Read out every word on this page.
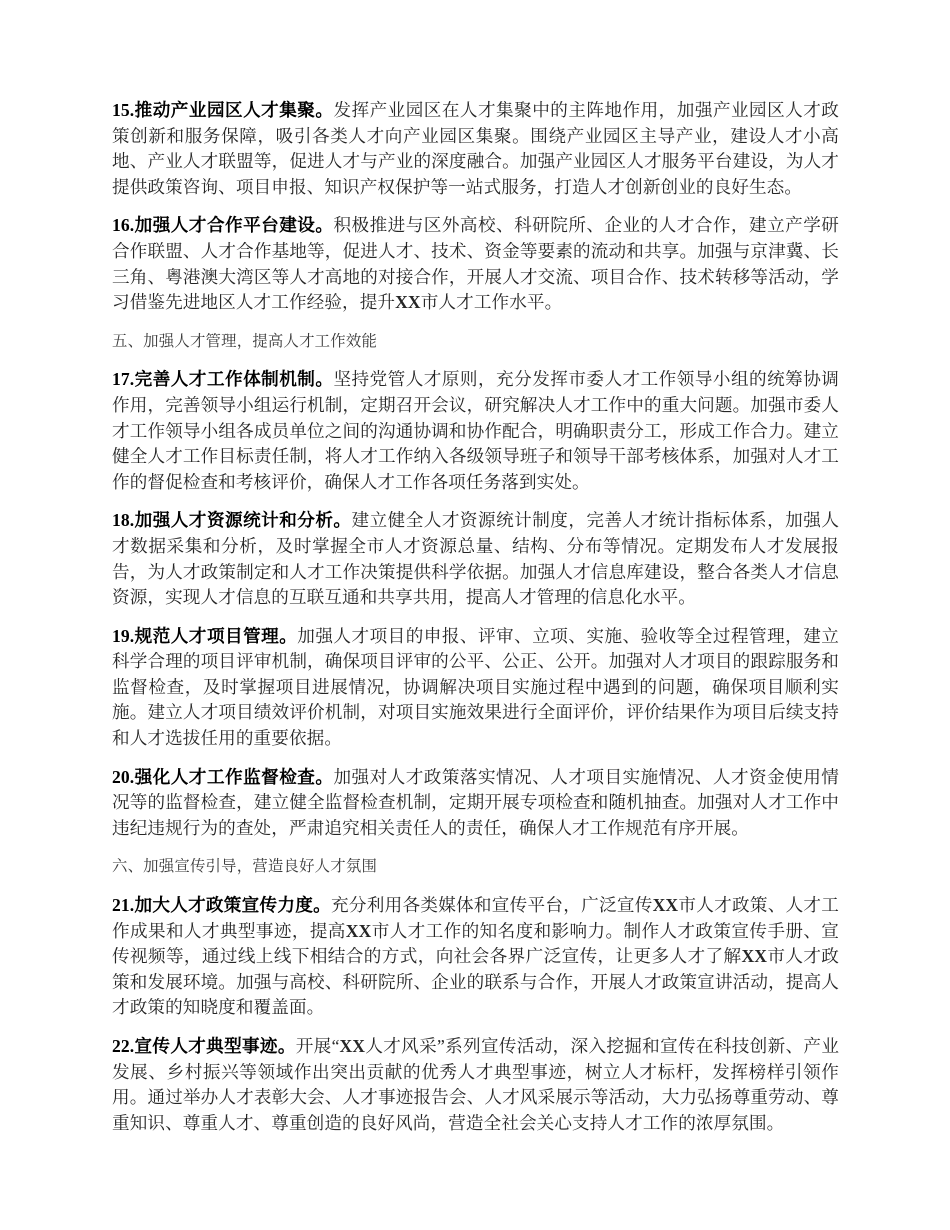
15.推动产业园区人才集聚。发挥产业园区在人才集聚中的主阵地作用，加强产业园区人才政策创新和服务保障，吸引各类人才向产业园区集聚。围绕产业园区主导产业，建设人才小高地、产业人才联盟等，促进人才与产业的深度融合。加强产业园区人才服务平台建设，为人才提供政策咨询、项目申报、知识产权保护等一站式服务，打造人才创新创业的良好生态。

16.加强人才合作平台建设。积极推进与区外高校、科研院所、企业的人才合作，建立产学研合作联盟、人才合作基地等，促进人才、技术、资金等要素的流动和共享。加强与京津冀、长三角、粤港澳大湾区等人才高地的对接合作，开展人才交流、项目合作、技术转移等活动，学习借鉴先进地区人才工作经验，提升XX市人才工作水平。

五、加强人才管理，提高人才工作效能

17.完善人才工作体制机制。坚持党管人才原则，充分发挥市委人才工作领导小组的统筹协调作用，完善领导小组运行机制，定期召开会议，研究解决人才工作中的重大问题。加强市委人才工作领导小组各成员单位之间的沟通协调和协作配合，明确职责分工，形成工作合力。建立健全人才工作目标责任制，将人才工作纳入各级领导班子和领导干部考核体系，加强对人才工作的督促检查和考核评价，确保人才工作各项任务落到实处。

18.加强人才资源统计和分析。建立健全人才资源统计制度，完善人才统计指标体系，加强人才数据采集和分析，及时掌握全市人才资源总量、结构、分布等情况。定期发布人才发展报告，为人才政策制定和人才工作决策提供科学依据。加强人才信息库建设，整合各类人才信息资源，实现人才信息的互联互通和共享共用，提高人才管理的信息化水平。

19.规范人才项目管理。加强人才项目的申报、评审、立项、实施、验收等全过程管理，建立科学合理的项目评审机制，确保项目评审的公平、公正、公开。加强对人才项目的跟踪服务和监督检查，及时掌握项目进展情况，协调解决项目实施过程中遇到的问题，确保项目顺利实施。建立人才项目绩效评价机制，对项目实施效果进行全面评价，评价结果作为项目后续支持和人才选拔任用的重要依据。

20.强化人才工作监督检查。加强对人才政策落实情况、人才项目实施情况、人才资金使用情况等的监督检查，建立健全监督检查机制，定期开展专项检查和随机抽查。加强对人才工作中违纪违规行为的查处，严肃追究相关责任人的责任，确保人才工作规范有序开展。

六、加强宣传引导，营造良好人才氛围

21.加大人才政策宣传力度。充分利用各类媒体和宣传平台，广泛宣传XX市人才政策、人才工作成果和人才典型事迹，提高XX市人才工作的知名度和影响力。制作人才政策宣传手册、宣传视频等，通过线上线下相结合的方式，向社会各界广泛宣传，让更多人才了解XX市人才政策和发展环境。加强与高校、科研院所、企业的联系与合作，开展人才政策宣讲活动，提高人才政策的知晓度和覆盖面。

22.宣传人才典型事迹。开展“XX人才风采”系列宣传活动，深入挖掘和宣传在科技创新、产业发展、乡村振兴等领域作出突出贡献的优秀人才典型事迹，树立人才标杆，发挥榜样引领作用。通过举办人才表彰大会、人才事迹报告会、人才风采展示等活动，大力弘扬尊重劳动、尊重知识、尊重人才、尊重创造的良好风尚，营造全社会关心支持人才工作的浓厚氛围。
